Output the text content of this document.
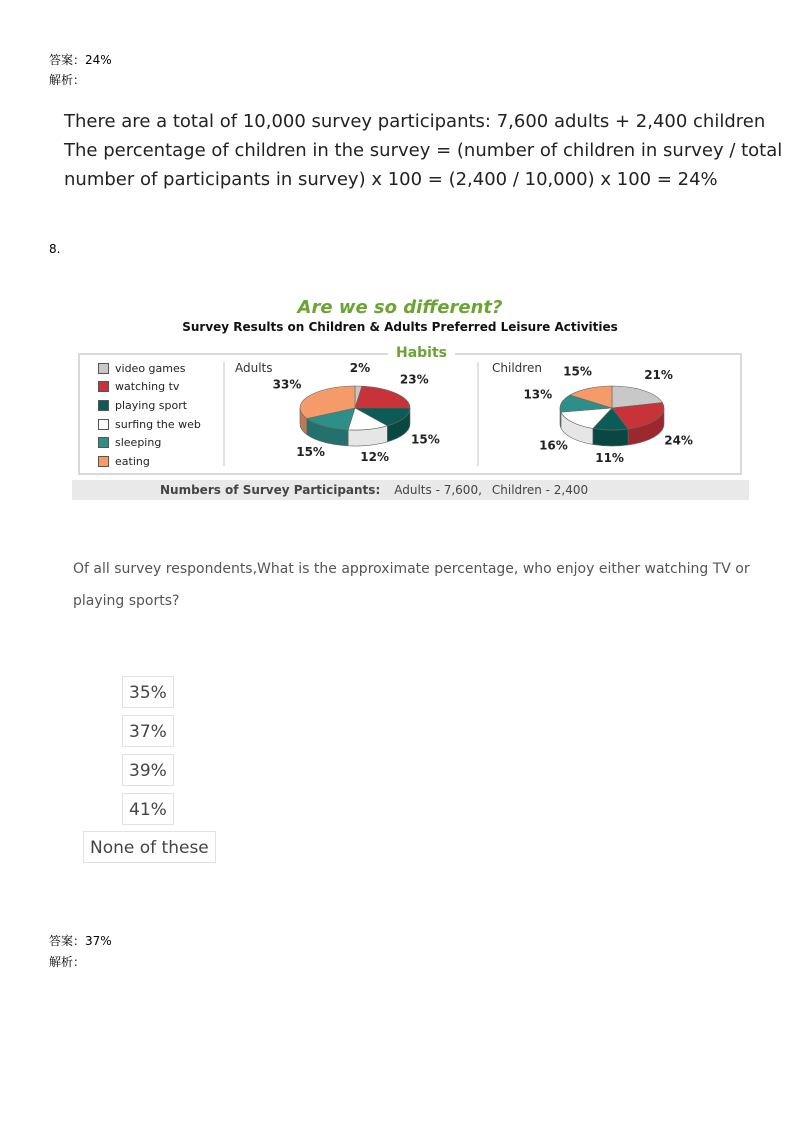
答案：24%
解析：
There are a total of 10,000 survey participants: 7,600 adults + 2,400 children
The percentage of children in the survey = (number of children in survey / total
number of participants in survey) x 100 = (2,400 / 10,000) x 100 = 24%
8.
Are we so different?
Survey Results on Children & Adults Preferred Leisure Activities
Habits
video games
watching tv
playing sport
surfing the web
sleeping
eating
Adults	Children
2%
23%
15%
12%
15%
33%
21%
24%
11%
16%
13%
15%
Numbers of Survey Participants: Adults - 7,600, Children - 2,400
Of all survey respondents,What is the approximate percentage, who enjoy either watching TV or playing sports?
35%
37%
39%
41%
None of these
答案：37%
解析：
